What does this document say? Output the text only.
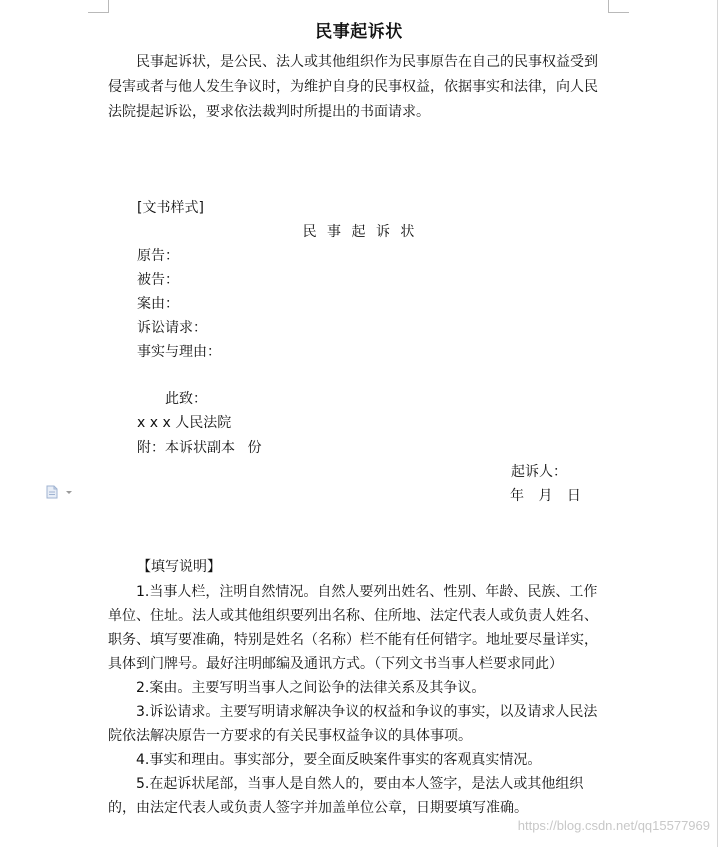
民事起诉状

民事起诉状，是公民、法人或其他组织作为民事原告在自己的民事权益受到侵害或者与他人发生争议时，为维护自身的民事权益，依据事实和法律，向人民法院提起诉讼，要求依法裁判时所提出的书面请求。

[文书样式]
民 事 起 诉 状
原告：
被告：
案由：
诉讼请求：
事实与理由：
此致：
x x x 人民法院
附：本诉状副本 份
起诉人：
年 月 日
【填写说明】

1.当事人栏，注明自然情况。自然人要列出姓名、性别、年龄、民族、工作单位、住址。法人或其他组织要列出名称、住所地、法定代表人或负责人姓名、职务、填写要准确，特别是姓名（名称）栏不能有任何错字。地址要尽量详实，具体到门牌号。最好注明邮编及通讯方式。（下列文书当事人栏要求同此）

2.案由。主要写明当事人之间讼争的法律关系及其争议。

3.诉讼请求。主要写明请求解决争议的权益和争议的事实，以及请求人民法院依法解决原告一方要求的有关民事权益争议的具体事项。

4.事实和理由。事实部分，要全面反映案件事实的客观真实情况。

5.在起诉状尾部，当事人是自然人的，要由本人签字，是法人或其他组织的，由法定代表人或负责人签字并加盖单位公章，日期要填写准确。

https://blog.csdn.net/qq15577969
